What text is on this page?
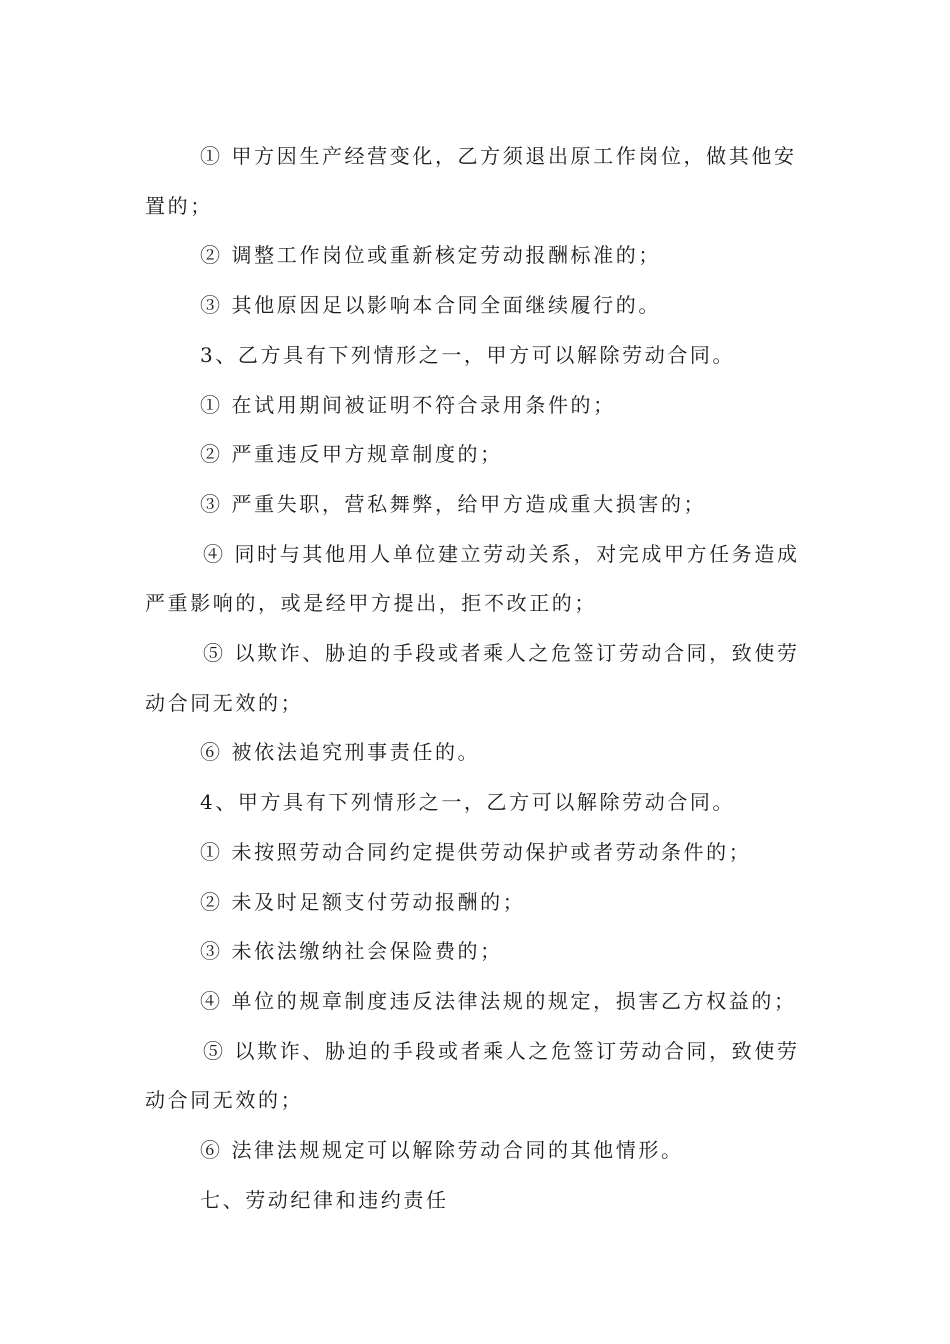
① 甲方因生产经营变化，乙方须退出原工作岗位，做其他安置的；

② 调整工作岗位或重新核定劳动报酬标准的；

③ 其他原因足以影响本合同全面继续履行的。

3、乙方具有下列情形之一，甲方可以解除劳动合同。

① 在试用期间被证明不符合录用条件的；

② 严重违反甲方规章制度的；

③ 严重失职，营私舞弊，给甲方造成重大损害的；

④ 同时与其他用人单位建立劳动关系，对完成甲方任务造成严重影响的，或是经甲方提出，拒不改正的；

⑤ 以欺诈、胁迫的手段或者乘人之危签订劳动合同，致使劳动合同无效的；

⑥ 被依法追究刑事责任的。

4、甲方具有下列情形之一，乙方可以解除劳动合同。

① 未按照劳动合同约定提供劳动保护或者劳动条件的；

② 未及时足额支付劳动报酬的；

③ 未依法缴纳社会保险费的；

④ 单位的规章制度违反法律法规的规定，损害乙方权益的；

⑤ 以欺诈、胁迫的手段或者乘人之危签订劳动合同，致使劳动合同无效的；

⑥ 法律法规规定可以解除劳动合同的其他情形。

七、劳动纪律和违约责任
